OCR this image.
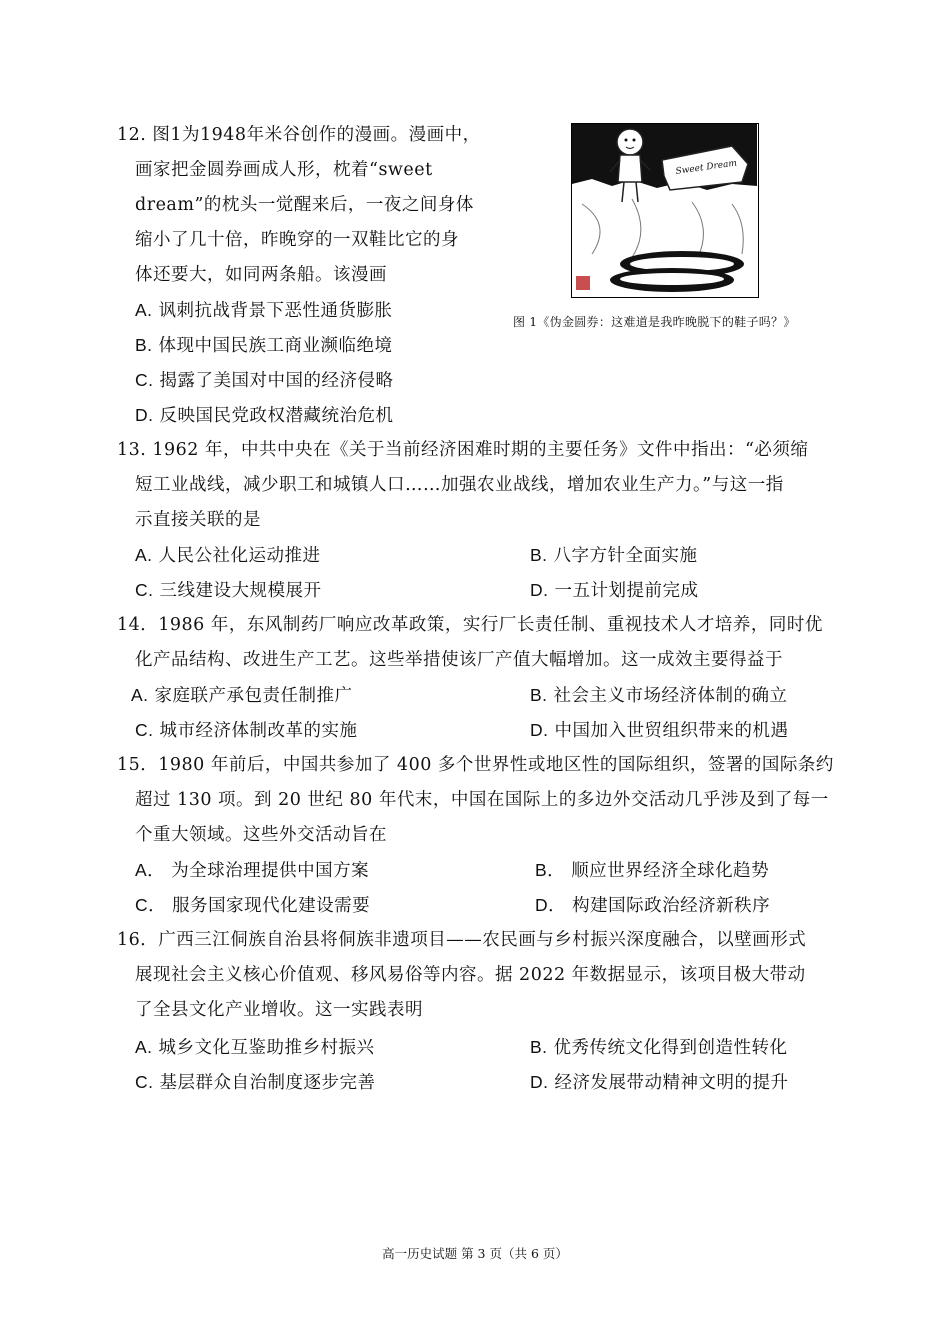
12. 图1为1948年米谷创作的漫画。漫画中，
画家把金圆券画成人形，枕着“sweet
dream”的枕头一觉醒来后，一夜之间身体
缩小了几十倍，昨晚穿的一双鞋比它的身
体还要大，如同两条船。该漫画
A. 讽刺抗战背景下恶性通货膨胀
B. 体现中国民族工商业濒临绝境
C. 揭露了美国对中国的经济侵略
D. 反映国民党政权潜藏统治危机
Sweet Dream
图 1《伪金圆券：这难道是我昨晚脱下的鞋子吗？》
13. 1962 年，中共中央在《关于当前经济困难时期的主要任务》文件中指出：“必须缩
短工业战线，减少职工和城镇人口……加强农业战线，增加农业生产力。”与这一指
示直接关联的是
A. 人民公社化运动推进	B. 八字方针全面实施
C. 三线建设大规模展开	D. 一五计划提前完成
14．1986 年，东风制药厂响应改革政策，实行厂长责任制、重视技术人才培养，同时优
化产品结构、改进生产工艺。这些举措使该厂产值大幅增加。这一成效主要得益于
A. 家庭联产承包责任制推广	B. 社会主义市场经济体制的确立
C. 城市经济体制改革的实施	D. 中国加入世贸组织带来的机遇
15．1980 年前后，中国共参加了 400 多个世界性或地区性的国际组织，签署的国际条约
超过 130 项。到 20 世纪 80 年代末，中国在国际上的多边外交活动几乎涉及到了每一
个重大领域。这些外交活动旨在
A． 为全球治理提供中国方案	B． 顺应世界经济全球化趋势
C． 服务国家现代化建设需要	D． 构建国际政治经济新秩序
16．广西三江侗族自治县将侗族非遗项目——农民画与乡村振兴深度融合，以壁画形式
展现社会主义核心价值观、移风易俗等内容。据 2022 年数据显示，该项目极大带动
了全县文化产业增收。这一实践表明
A. 城乡文化互鉴助推乡村振兴	B. 优秀传统文化得到创造性转化
C. 基层群众自治制度逐步完善	D. 经济发展带动精神文明的提升
高一历史试题 第 3 页（共 6 页）
